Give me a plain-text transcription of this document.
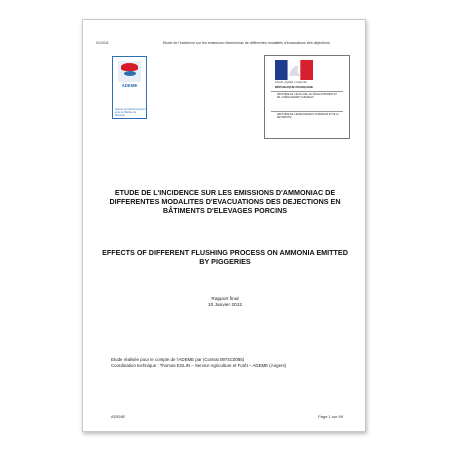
01/2011	Etude de l'incidence sur les emissions d'ammoniac de différentes modalités d'évacuations des déjections
ADEME
Agence de l'Environnement et de la Maîtrise de l'Énergie
Liberté • Égalité • Fraternité
RÉPUBLIQUE FRANÇAISE
MINISTÈRE DE L'ÉCOLOGIE, DU DÉVELOPPEMENT ET DE L'AMÉNAGEMENT DURABLES
MINISTÈRE DE L'ENSEIGNEMENT SUPÉRIEUR ET DE LA RECHERCHE
ETUDE DE L'INCIDENCE SUR LES EMISSIONS D'AMMONIAC DE DIFFERENTES MODALITES D'EVACUATIONS DES DEJECTIONS EN BÂTIMENTS D'ELEVAGES PORCINS
EFFECTS OF DIFFERENT FLUSHING PROCESS ON AMMONIA EMITTED BY PIGGERIES
Rapport final
10 Janvier 2012
Etude réalisée pour le compte de l'ADEME par (Contrat 0974C0085)
Coordination technique : Thomas EGLIN – Service Agriculture et Forêt – ADEME (Angers)
ADEME	Page 1 sur 99
